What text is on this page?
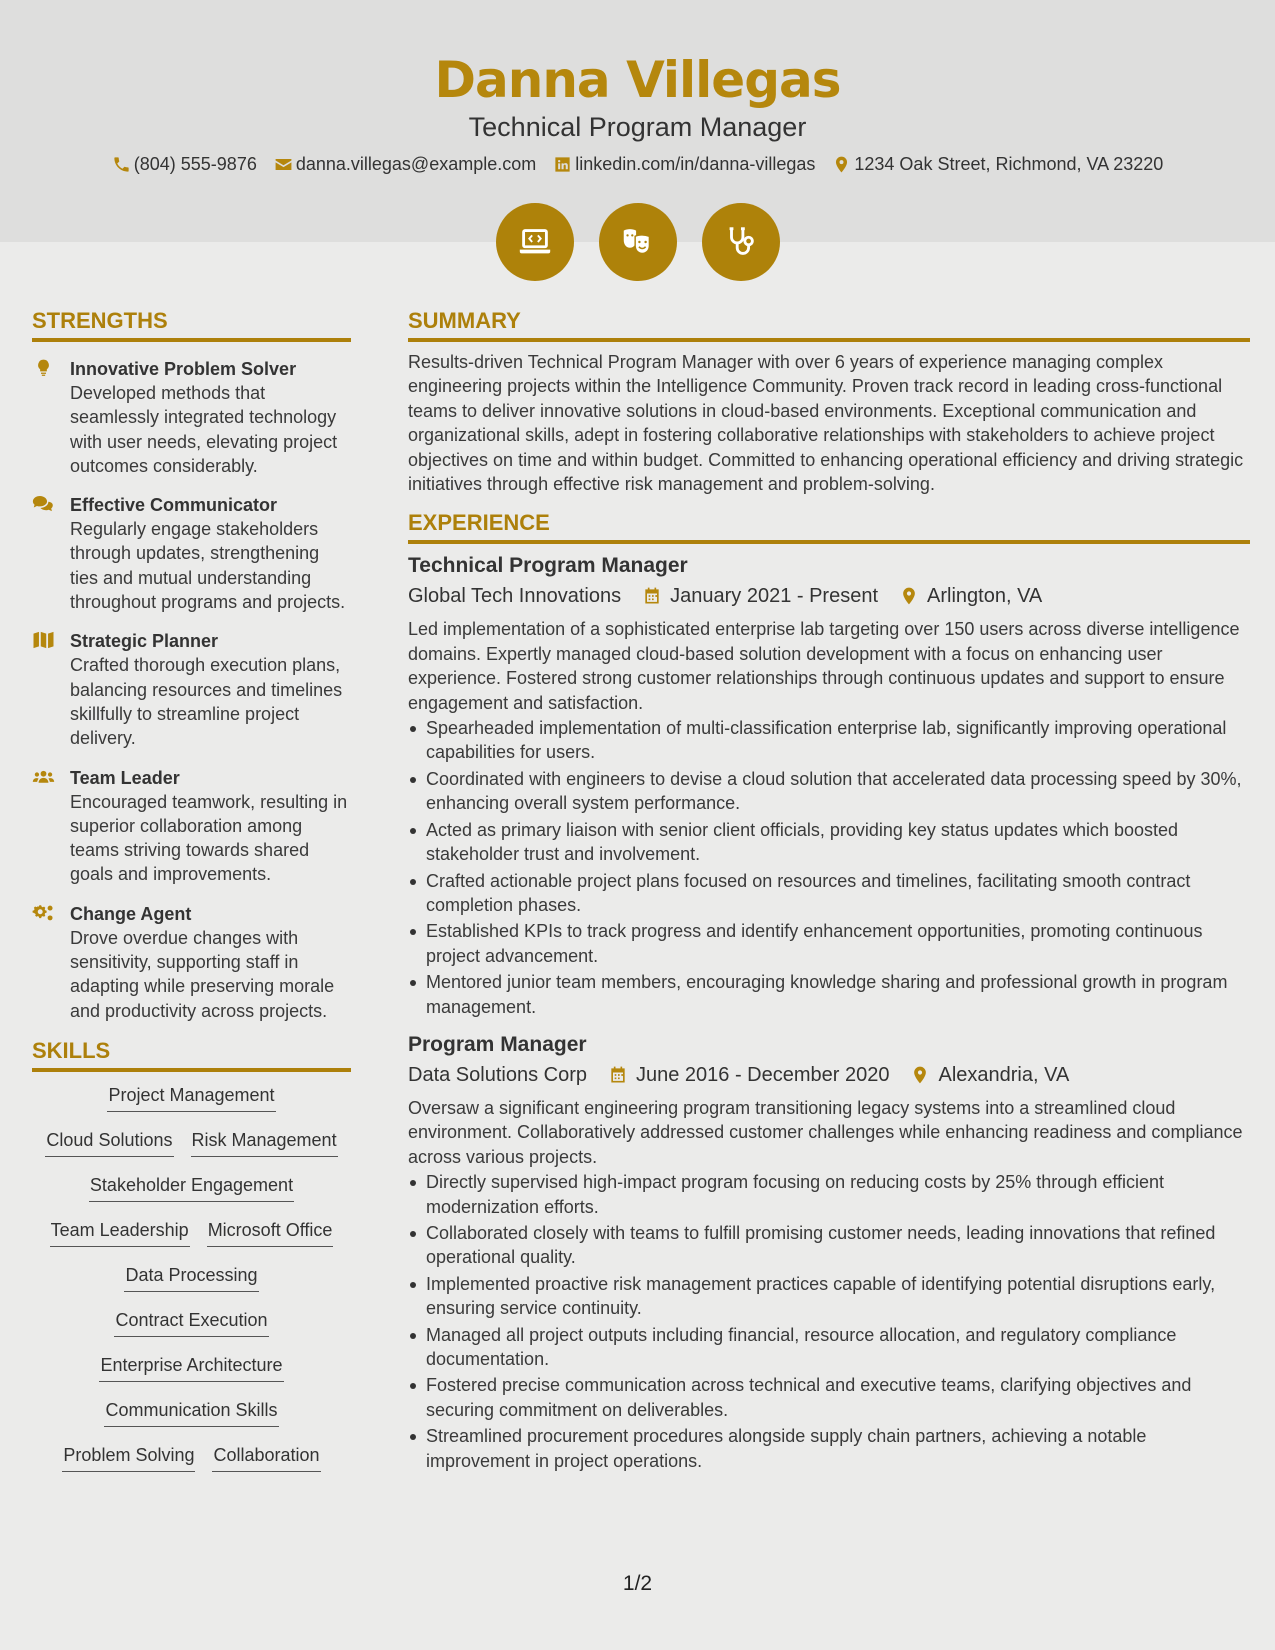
Danna Villegas
Technical Program Manager
(804) 555-9876 danna.villegas@example.com linkedin.com/in/danna-villegas 1234 Oak Street, Richmond, VA 23220
STRENGTHS
Innovative Problem Solver
Developed methods that seamlessly integrated technology with user needs, elevating project outcomes considerably.
Effective Communicator
Regularly engage stakeholders through updates, strengthening ties and mutual understanding throughout programs and projects.
Strategic Planner
Crafted thorough execution plans, balancing resources and timelines skillfully to streamline project delivery.
Team Leader
Encouraged teamwork, resulting in superior collaboration among teams striving towards shared goals and improvements.
Change Agent
Drove overdue changes with sensitivity, supporting staff in adapting while preserving morale and productivity across projects.
SKILLS
Project Management
Cloud Solutions Risk Management
Stakeholder Engagement
Team Leadership Microsoft Office
Data Processing
Contract Execution
Enterprise Architecture
Communication Skills
Problem Solving Collaboration
SUMMARY
Results-driven Technical Program Manager with over 6 years of experience managing complex engineering projects within the Intelligence Community. Proven track record in leading cross-functional teams to deliver innovative solutions in cloud-based environments. Exceptional communication and organizational skills, adept in fostering collaborative relationships with stakeholders to achieve project objectives on time and within budget. Committed to enhancing operational efficiency and driving strategic initiatives through effective risk management and problem-solving.
EXPERIENCE
Technical Program Manager
Global Tech Innovations January 2021 - Present Arlington, VA
Led implementation of a sophisticated enterprise lab targeting over 150 users across diverse intelligence domains. Expertly managed cloud-based solution development with a focus on enhancing user experience. Fostered strong customer relationships through continuous updates and support to ensure engagement and satisfaction.
Spearheaded implementation of multi-classification enterprise lab, significantly improving operational capabilities for users.
Coordinated with engineers to devise a cloud solution that accelerated data processing speed by 30%, enhancing overall system performance.
Acted as primary liaison with senior client officials, providing key status updates which boosted stakeholder trust and involvement.
Crafted actionable project plans focused on resources and timelines, facilitating smooth contract completion phases.
Established KPIs to track progress and identify enhancement opportunities, promoting continuous project advancement.
Mentored junior team members, encouraging knowledge sharing and professional growth in program management.
Program Manager
Data Solutions Corp June 2016 - December 2020 Alexandria, VA
Oversaw a significant engineering program transitioning legacy systems into a streamlined cloud environment. Collaboratively addressed customer challenges while enhancing readiness and compliance across various projects.
Directly supervised high-impact program focusing on reducing costs by 25% through efficient modernization efforts.
Collaborated closely with teams to fulfill promising customer needs, leading innovations that refined operational quality.
Implemented proactive risk management practices capable of identifying potential disruptions early, ensuring service continuity.
Managed all project outputs including financial, resource allocation, and regulatory compliance documentation.
Fostered precise communication across technical and executive teams, clarifying objectives and securing commitment on deliverables.
Streamlined procurement procedures alongside supply chain partners, achieving a notable improvement in project operations.
1/2
